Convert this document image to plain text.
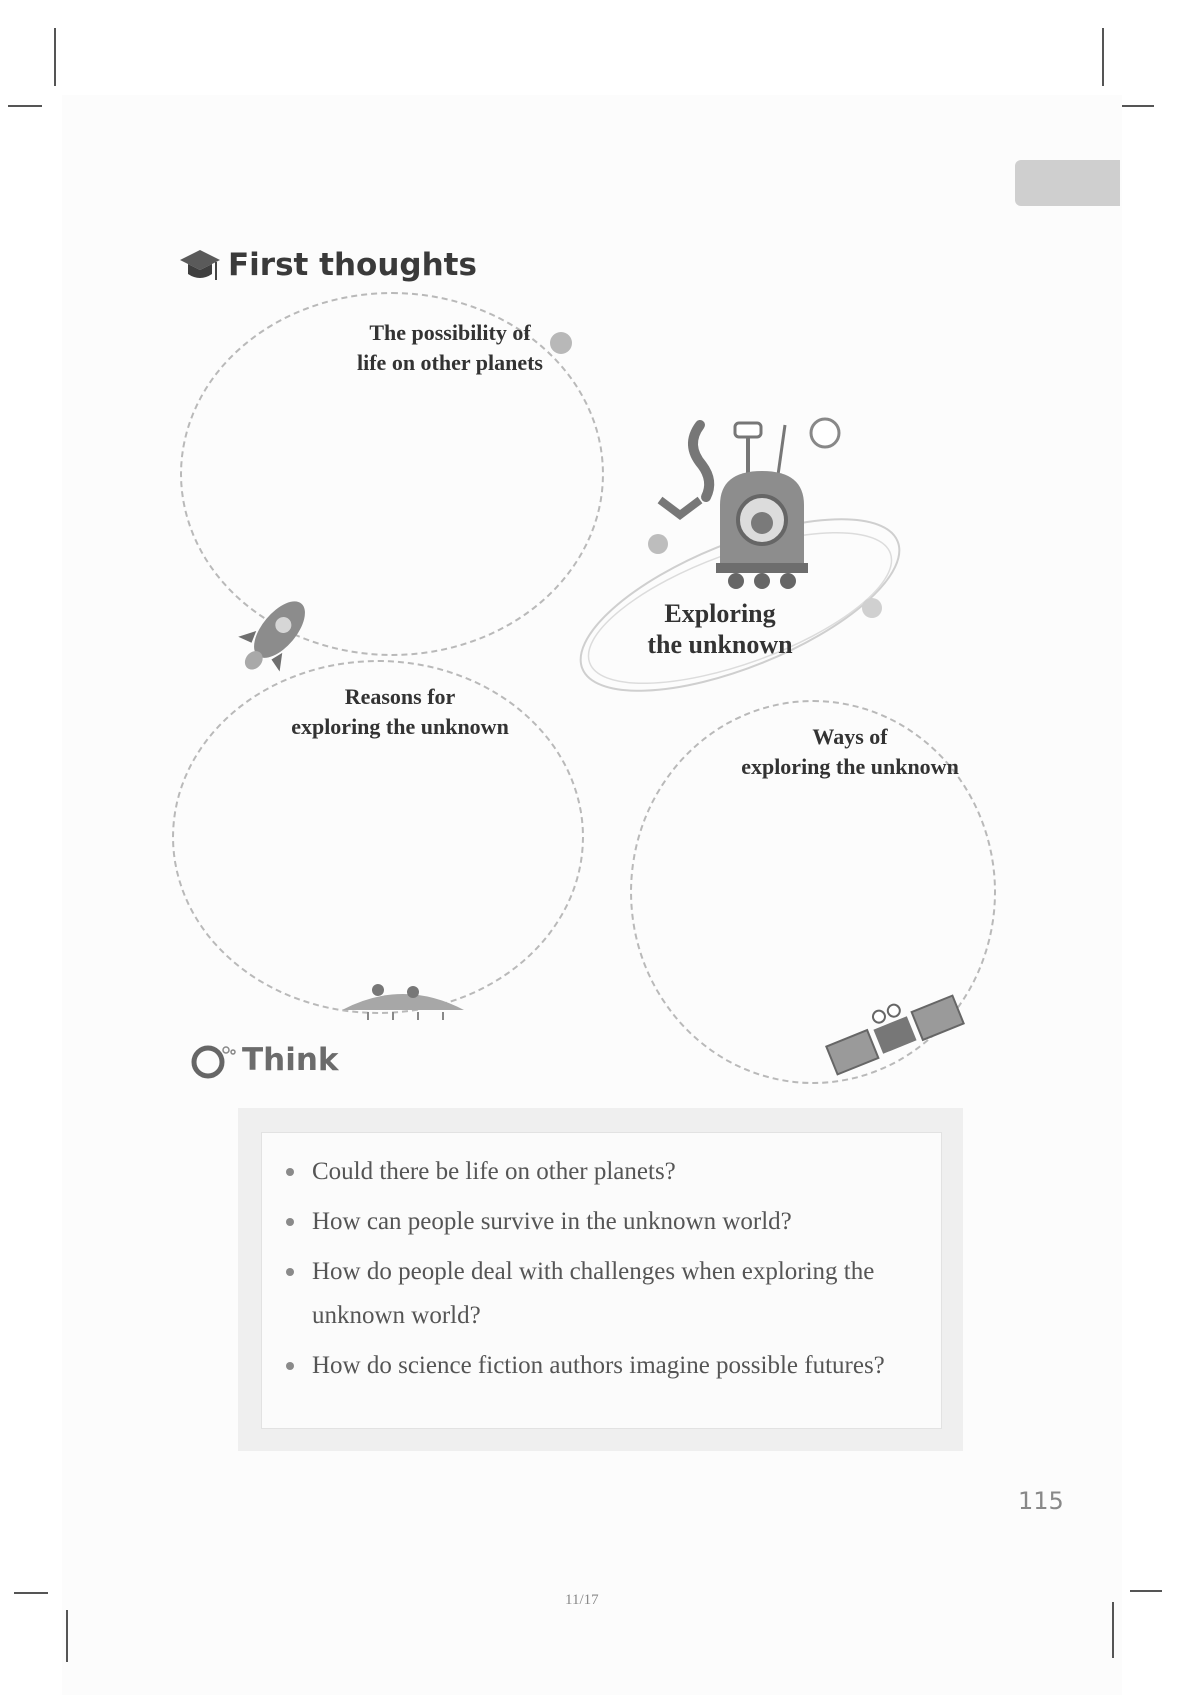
First thoughts
The possibility of
life on other planets
Reasons for
exploring the unknown	Ways of
exploring the unknown
Exploring
the unknown
Think
Could there be life on other planets?
How can people survive in the unknown world?
How do people deal with challenges when exploring the unknown world?
How do science fiction authors imagine possible futures?
115
11/17
